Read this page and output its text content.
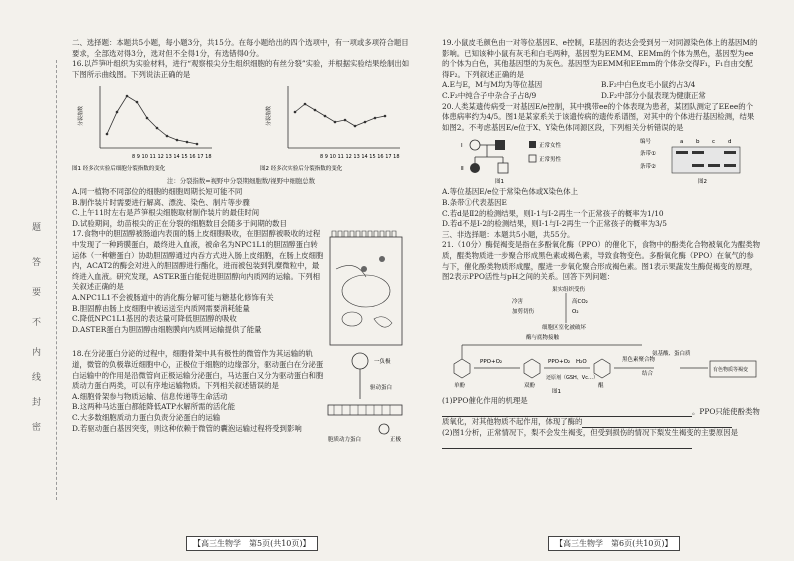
题
答
要
不
内
线
封
密

二、选择题：本题共5小题，每小题3分，共15分。在每小题给出的四个选项中，有一项或多项符合题目要求，全部选对得3分，选对但不全得1分，有选错得0分。

16.以芦笋叶组织为实验材料，进行“观察根尖分生组织细胞的有丝分裂”实验，并根据实验结果绘制出如下图所示曲线图。下列说法正确的是

8 9 10 11 12 13 14 15 16 17 18
分裂指数
图1 经多次实验后细胞分裂指数的变化
8 9 10 11 12 13 14 15 16 17 18
分裂指数
图2 经多次实验后分裂指数的变化

注：分裂指数=视野中分裂期细胞数/视野中细胞总数

A.同一植物不同部位的细胞的细胞周期长短可能不同

B.制作装片时需要进行解离、漂洗、染色、制片等步骤

C.上午11时左右是芦笋根尖细胞取材制作装片的最佳时间

D.试验期间，幼苗根尖的正在分裂的细胞数目会随多于间期的数目

17.食物中的胆固醇被肠道内表面的肠上皮细胞吸收，在胆固醇被吸收的过程中发现了一种跨膜蛋白，最终进入血液，被命名为NPC1L1的胆固醇蛋白转运体（一种糖蛋白）协助胆固醇通过内吞方式进入肠上皮细胞，在肠上皮细胞内，ACAT2的酶会对进入的胆固醇进行酯化，进而被包装到乳糜微粒中，最终进入血液。研究发现，ASTER蛋白能促进胆固醇向内质网的运输。下列相关叙述正确的是

A.NPC1L1不会被肠道中的消化酶分解可能与糖基化修饰有关

B.胆固醇由肠上皮细胞中被运送至内质网需要消耗能量

C.降低NPC1L1基因的表达量可降低胆固醇的吸收

D.ASTER蛋白为胆固醇由细胞膜向内质网运输提供了能量

18.在分泌蛋白分泌的过程中，细胞骨架中具有极性的微管作为其运输的轨道，微管的负极靠近细胞中心，正极位于细胞的边缘部分，驱动蛋白在分泌蛋白运输中的作用是沿微管向正极运输分泌蛋白，马达蛋白又分为驱动蛋白和胞质动力蛋白两类，可以有序地运输物质。下列相关叙述错误的是

A.细胞骨架参与物质运输、信息传递等生命活动

B.这两种马达蛋白都能降低ATP水解所需的活化能

C.大多数细胞质动力蛋白负责分泌蛋白的运输

D.若驱动蛋白基因突变，则这种依赖于微管的囊泡运输过程将受到影响

一负极
驱动蛋白
胞质动力蛋白	正极
【高三生物学　第5页(共10页)】

19.小鼠皮毛颜色由一对等位基因E、e控制，E基因的表达会受到另一对同源染色体上的基因M的影响。已知该种小鼠有灰毛和白毛两种，基因型为EEMM、EEMm的个体为黑色，基因型为ee的个体为白色，其他基因型的为灰色。基因型为EEMM和EEmm的个体杂交得F₁，F₁自由交配得F₂。下列叙述正确的是

A.E与E，M与M均为等位基因	B.F₂中白色皮毛小鼠约占3/4

C.F₂中纯合子中杂合子占8/9	D.F₂中部分小鼠表现为健康正常

20.人类某遗传病受一对基因E/e控制，其中携带ee的个体表现为患者，某团队测定了EEee的个体患病率约为4/5。图1是某家系关于该遗传病的遗传系谱图，对其中的个体进行基因检测，结果如图2。不考虑基因E/e位于X、Y染色体同源区段，下列相关分析错误的是

Ⅰ
Ⅱ
正常女性
正常男性
图1
编号	a b c d
条带①
条带②
图2

A.等位基因E/e位于常染色体或X染色体上

B.条带①代表基因E

C.若d是Ⅱ2的检测结果，则Ⅰ-1与Ⅰ-2再生一个正常孩子的概率为1/10

D.若d不是Ⅰ-2的检测结果，则Ⅰ-1与Ⅰ-2再生一个正常孩子的概率为3/5

三、非选择题：本题共5小题，共55分。

21.（10分）酶促褐变是指在多酚氧化酶（PPO）的催化下，食物中的酚类化合物被氧化为醌类物质，醌类物质进一步聚合形成黑色素或褐色素，导致食物变色。多酚氧化酶（PPO）在氧气的参与下，催化酚类物质形成醌，醌进一步氧化聚合形成褐色素。图1表示果蔬发生酶促褐变的原理，图2表示PPO活性与pH之间的关系。回答下列问题：

果实组织受伤
冷害	高CO₂
加剪切伤	O₂
细胞区室化被破坏
酶与底物接触
PPO+O₂	PPO+O₂ H₂O
还原剂（GSH、Vc…）
黑色素聚合物
结合
氨基酸、蛋白质
有色物质等褐变
单酚	双酚	醌
图1

(1)PPO催化作用的机理是。PPO只能使酚类物质氧化，对其他物质不起作用，体现了酶的

(2)图1分析，正常情况下，梨不会发生褐变，但受到损伤的情况下梨发生褐变的主要原因是

【高三生物学　第6页(共10页)】
